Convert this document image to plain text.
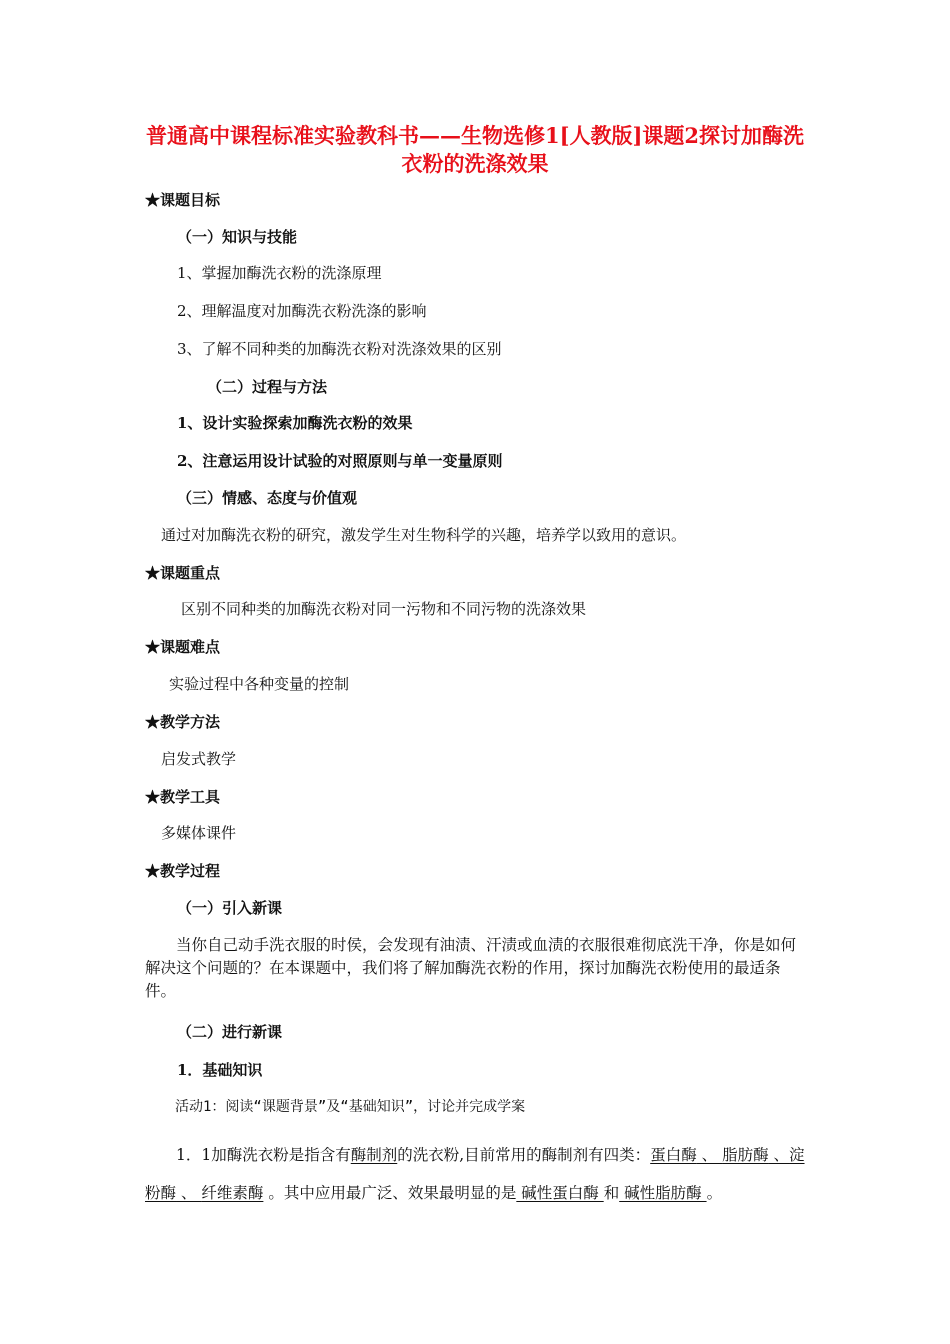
普通高中课程标准实验教科书——生物选修1[人教版]课题2探讨加酶洗衣粉的洗涤效果
★课题目标
（一）知识与技能
1、掌握加酶洗衣粉的洗涤原理
2、理解温度对加酶洗衣粉洗涤的影响
3、了解不同种类的加酶洗衣粉对洗涤效果的区别
（二）过程与方法
1、设计实验探索加酶洗衣粉的效果
2、注意运用设计试验的对照原则与单一变量原则
（三）情感、态度与价值观
通过对加酶洗衣粉的研究，激发学生对生物科学的兴趣，培养学以致用的意识。
★课题重点
区别不同种类的加酶洗衣粉对同一污物和不同污物的洗涤效果
★课题难点
实验过程中各种变量的控制
★教学方法
启发式教学
★教学工具
多媒体课件
★教学过程
（一）引入新课
当你自己动手洗衣服的时侯，会发现有油渍、汗渍或血渍的衣服很难彻底洗干净，你是如何解决这个问题的？在本课题中，我们将了解加酶洗衣粉的作用，探讨加酶洗衣粉使用的最适条件。
（二）进行新课
1．基础知识
活动1：阅读“课题背景”及“基础知识”，讨论并完成学案
1．1加酶洗衣粉是指含有酶制剂的洗衣粉,目前常用的酶制剂有四类：蛋白酶 、 脂肪酶 、淀粉酶 、 纤维素酶 。其中应用最广泛、效果最明显的是 碱性蛋白酶 和 碱性脂肪酶 。
